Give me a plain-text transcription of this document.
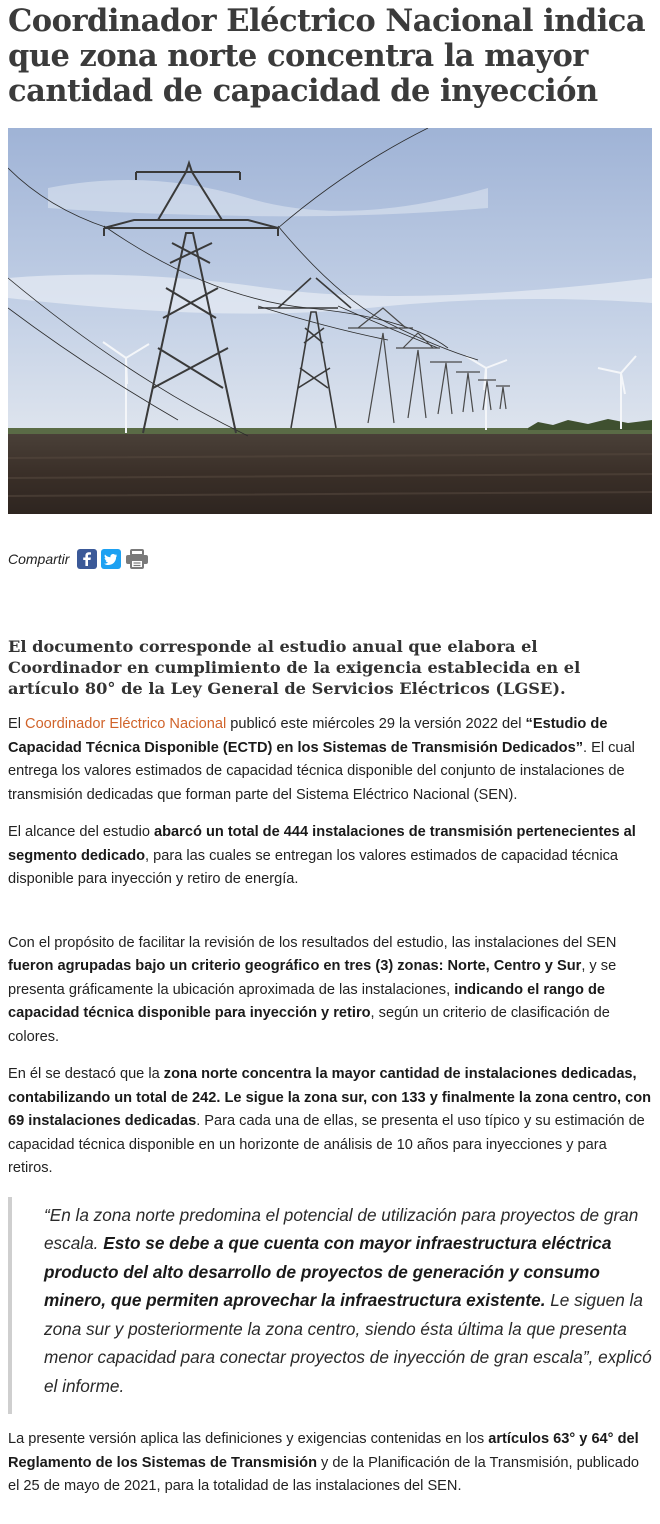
Coordinador Eléctrico Nacional indica que zona norte concentra la mayor cantidad de capacidad de inyección
Compartir

El documento corresponde al estudio anual que elabora el Coordinador en cumplimiento de la exigencia establecida en el artículo 80° de la Ley General de Servicios Eléctricos (LGSE).

El Coordinador Eléctrico Nacional publicó este miércoles 29 la versión 2022 del “Estudio de Capacidad Técnica Disponible (ECTD) en los Sistemas de Transmisión Dedicados”. El cual entrega los valores estimados de capacidad técnica disponible del conjunto de instalaciones de transmisión dedicadas que forman parte del Sistema Eléctrico Nacional (SEN).

El alcance del estudio abarcó un total de 444 instalaciones de transmisión pertenecientes al segmento dedicado, para las cuales se entregan los valores estimados de capacidad técnica disponible para inyección y retiro de energía.

Con el propósito de facilitar la revisión de los resultados del estudio, las instalaciones del SEN fueron agrupadas bajo un criterio geográfico en tres (3) zonas: Norte, Centro y Sur, y se presenta gráficamente la ubicación aproximada de las instalaciones, indicando el rango de capacidad técnica disponible para inyección y retiro, según un criterio de clasificación de colores.

En él se destacó que la zona norte concentra la mayor cantidad de instalaciones dedicadas, contabilizando un total de 242. Le sigue la zona sur, con 133 y finalmente la zona centro, con 69 instalaciones dedicadas. Para cada una de ellas, se presenta el uso típico y su estimación de capacidad técnica disponible en un horizonte de análisis de 10 años para inyecciones y para retiros.

“En la zona norte predomina el potencial de utilización para proyectos de gran escala. Esto se debe a que cuenta con mayor infraestructura eléctrica producto del alto desarrollo de proyectos de generación y consumo minero, que permiten aprovechar la infraestructura existente. Le siguen la zona sur y posteriormente la zona centro, siendo ésta última la que presenta menor capacidad para conectar proyectos de inyección de gran escala”, explicó el informe.

La presente versión aplica las definiciones y exigencias contenidas en los artículos 63° y 64° del Reglamento de los Sistemas de Transmisión y de la Planificación de la Transmisión, publicado el 25 de mayo de 2021, para la totalidad de las instalaciones del SEN.
